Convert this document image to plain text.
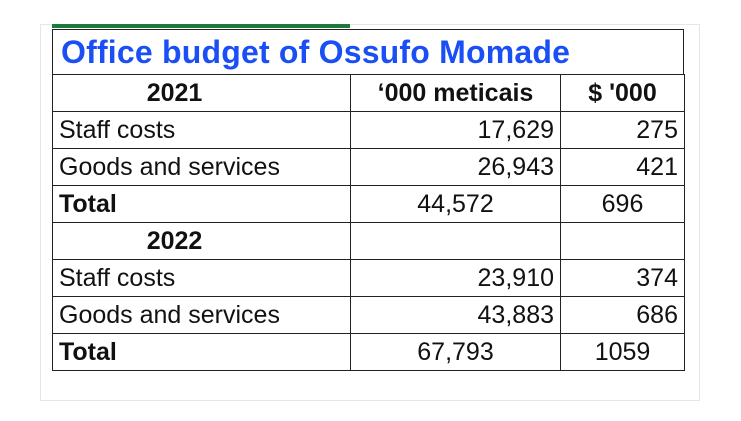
Office budget of Ossufo Momade
2021	‘000 meticais	$ '000
Staff costs	17,629	275
Goods and services	26,943	421
Total	44,572	696
2022		
Staff costs	23,910	374
Goods and services	43,883	686
Total	67,793	1059
